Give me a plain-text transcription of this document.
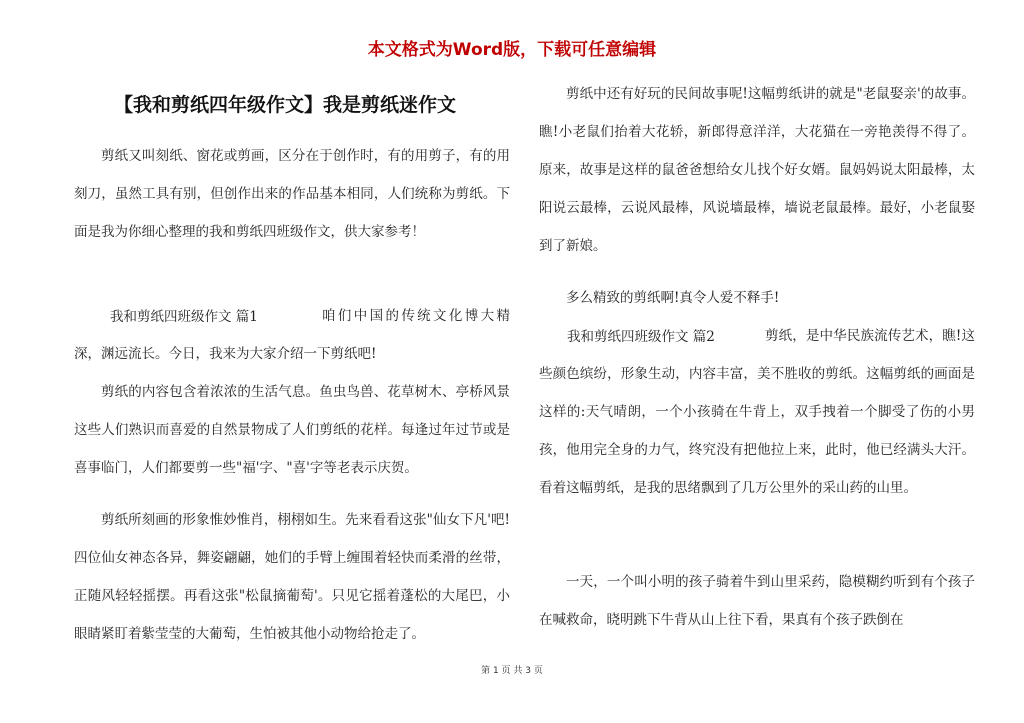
本文格式为Word版，下载可任意编辑
【我和剪纸四年级作文】我是剪纸迷作文

剪纸又叫刻纸、窗花或剪画，区分在于创作时，有的用剪子，有的用刻刀，虽然工具有别，但创作出来的作品基本相同，人们统称为剪纸。下面是我为你细心整理的我和剪纸四班级作文，供大家参考！

我和剪纸四班级作文 篇1	咱们中国的传统文化博大精深，渊远流长。今日，我来为大家介绍一下剪纸吧!

剪纸的内容包含着浓浓的生活气息。鱼虫鸟兽、花草树木、亭桥风景这些人们熟识而喜爱的自然景物成了人们剪纸的花样。每逢过年过节或是喜事临门，人们都要剪一些"福'字、"喜'字等老表示庆贺。

剪纸所刻画的形象惟妙惟肖，栩栩如生。先来看看这张"仙女下凡'吧!四位仙女神态各异，舞姿翩翩，她们的手臂上缠围着轻快而柔滑的丝带，正随风轻轻摇摆。再看这张"松鼠摘葡萄'。只见它摇着蓬松的大尾巴，小眼睛紧盯着紫莹莹的大葡萄，生怕被其他小动物给抢走了。

剪纸中还有好玩的民间故事呢!这幅剪纸讲的就是"老鼠娶亲'的故事。瞧!小老鼠们抬着大花轿，新郎得意洋洋，大花猫在一旁艳羡得不得了。原来，故事是这样的鼠爸爸想给女儿找个好女婿。鼠妈妈说太阳最棒，太阳说云最棒，云说风最棒，风说墙最棒，墙说老鼠最棒。最好，小老鼠娶到了新娘。

多么精致的剪纸啊!真令人爱不释手!

我和剪纸四班级作文 篇2	剪纸，是中华民族流传艺术，瞧!这些颜色缤纷，形象生动，内容丰富，美不胜收的剪纸。这幅剪纸的画面是这样的:天气晴朗，一个小孩骑在牛背上，双手拽着一个脚受了伤的小男孩，他用完全身的力气，终究没有把他拉上来，此时，他已经满头大汗。看着这幅剪纸，是我的思绪飘到了几万公里外的采山药的山里。

一天，一个叫小明的孩子骑着牛到山里采药，隐模糊约听到有个孩子在喊救命，晓明跳下牛背从山上往下看，果真有个孩子跌倒在

第 1 页 共 3 页
